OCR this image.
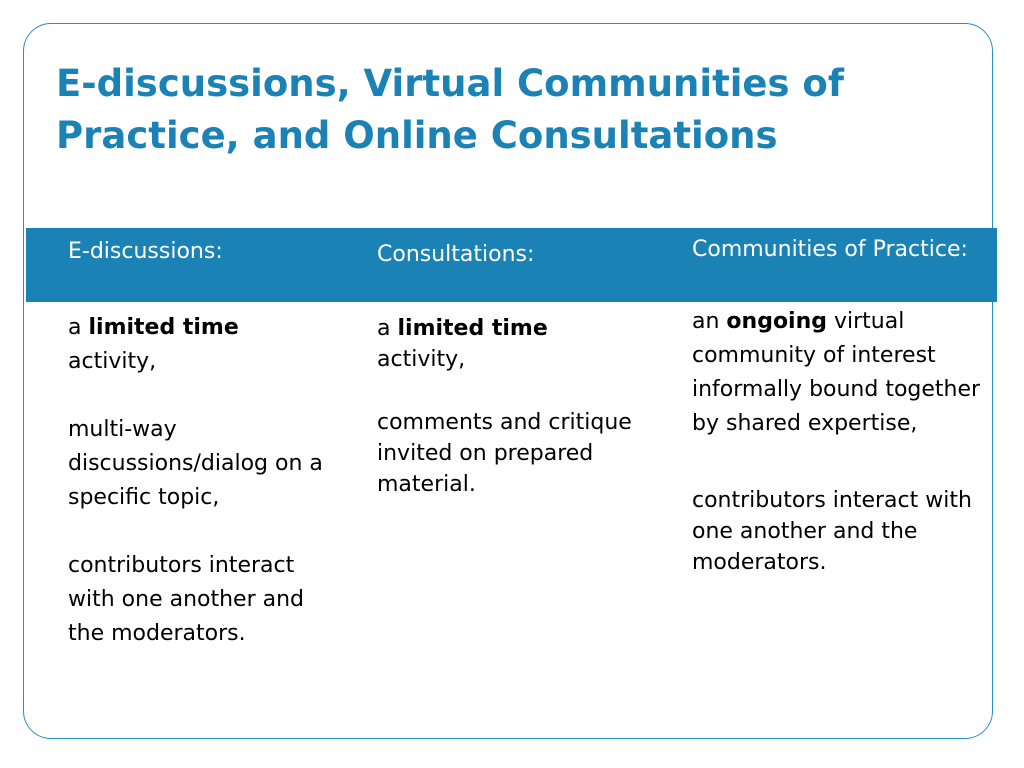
E-discussions, Virtual Communities of Practice, and Online Consultations
E-discussions:	Consultations:	Communities of Practice:

a limited time
activity,

multi-way discussions/dialog on a specific topic,

contributors interact with one another and the moderators.

a limited time
activity,

comments and critique invited on prepared material.

an ongoing virtual community of interest informally bound together by shared expertise,

contributors interact with one another and the moderators.
